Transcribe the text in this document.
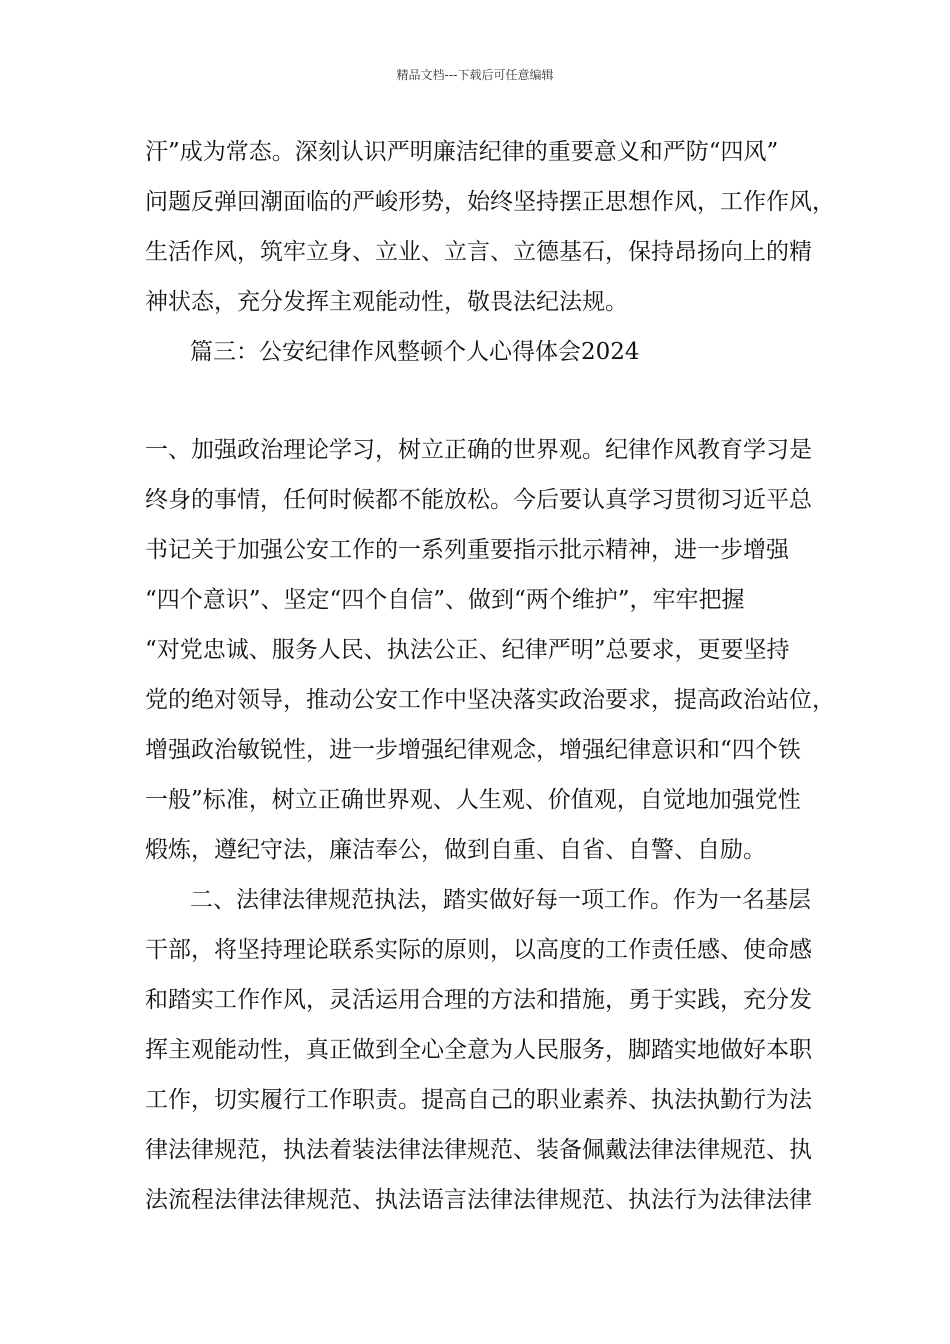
精品文档---下载后可任意编辑
汗”成为常态。深刻认识严明廉洁纪律的重要意义和严防“四风”
问题反弹回潮面临的严峻形势，始终坚持摆正思想作风，工作作风，
生活作风，筑牢立身、立业、立言、立德基石，保持昂扬向上的精
神状态，充分发挥主观能动性，敬畏法纪法规。
篇三：公安纪律作风整顿个人心得体会2024
一、加强政治理论学习，树立正确的世界观。纪律作风教育学习是
终身的事情，任何时候都不能放松。今后要认真学习贯彻习近平总
书记关于加强公安工作的一系列重要指示批示精神，进一步增强
“四个意识”、坚定“四个自信”、做到“两个维护”，牢牢把握
“对党忠诚、服务人民、执法公正、纪律严明”总要求，更要坚持
党的绝对领导，推动公安工作中坚决落实政治要求，提高政治站位，
增强政治敏锐性，进一步增强纪律观念，增强纪律意识和“四个铁
一般”标准，树立正确世界观、人生观、价值观，自觉地加强党性
煅炼，遵纪守法，廉洁奉公，做到自重、自省、自警、自励。
二、法律法律规范执法，踏实做好每一项工作。作为一名基层
干部，将坚持理论联系实际的原则，以高度的工作责任感、使命感
和踏实工作作风，灵活运用合理的方法和措施，勇于实践，充分发
挥主观能动性，真正做到全心全意为人民服务，脚踏实地做好本职
工作，切实履行工作职责。提高自己的职业素养、执法执勤行为法
律法律规范，执法着装法律法律规范、装备佩戴法律法律规范、执
法流程法律法律规范、执法语言法律法律规范、执法行为法律法律
